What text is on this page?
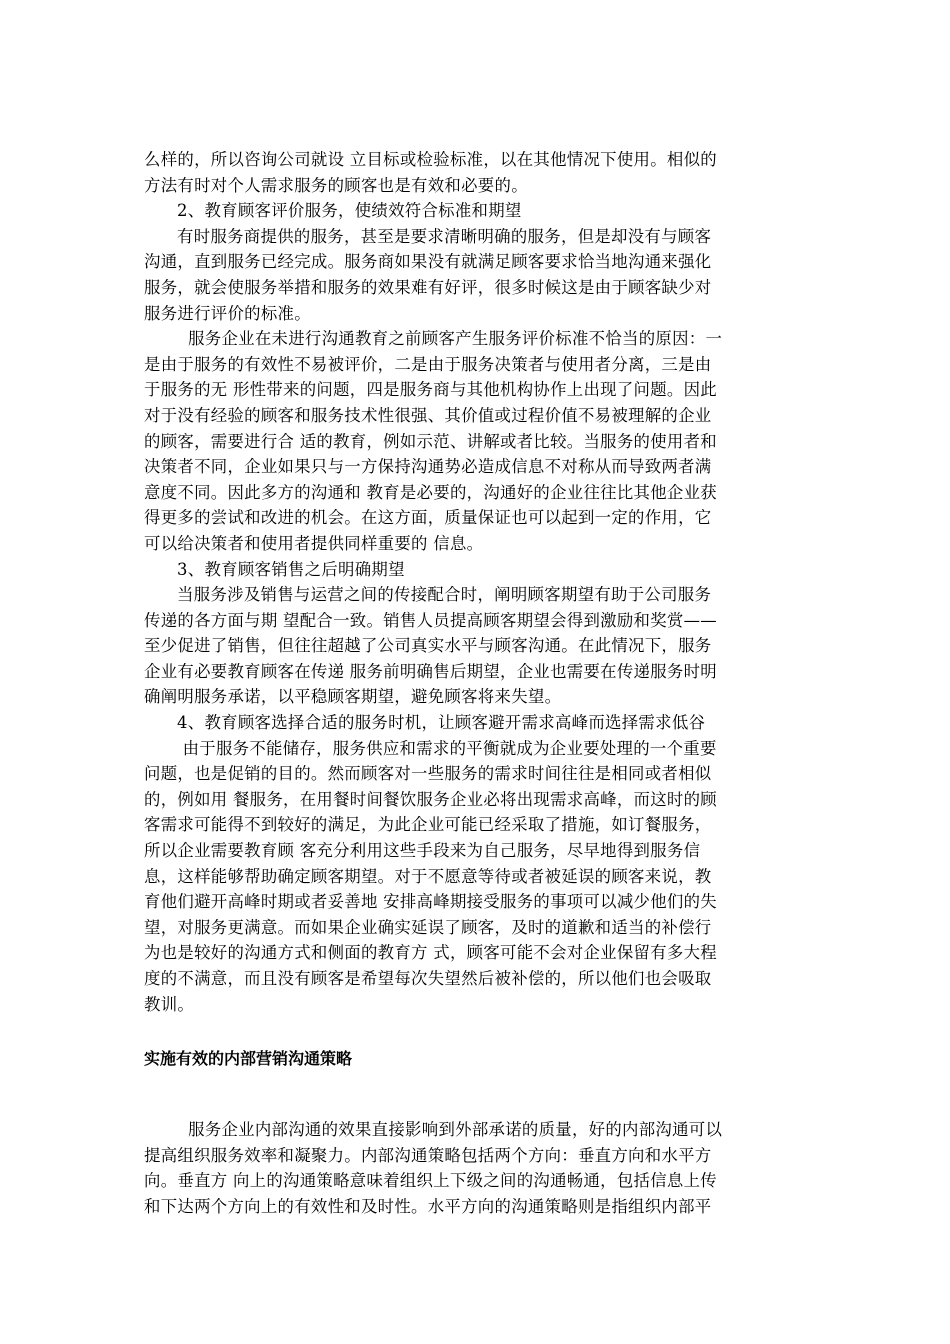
么样的，所以咨询公司就设 立目标或检验标准，以在其他情况下使用。相似的
方法有时对个人需求服务的顾客也是有效和必要的。
2、教育顾客评价服务，使绩效符合标准和期望
有时服务商提供的服务，甚至是要求清晰明确的服务，但是却没有与顾客
沟通，直到服务已经完成。服务商如果没有就满足顾客要求恰当地沟通来强化
服务，就会使服务举措和服务的效果难有好评，很多时候这是由于顾客缺少对
服务进行评价的标准。
服务企业在未进行沟通教育之前顾客产生服务评价标准不恰当的原因：一
是由于服务的有效性不易被评价，二是由于服务决策者与使用者分离，三是由
于服务的无 形性带来的问题，四是服务商与其他机构协作上出现了问题。因此
对于没有经验的顾客和服务技术性很强、其价值或过程价值不易被理解的企业
的顾客，需要进行合 适的教育，例如示范、讲解或者比较。当服务的使用者和
决策者不同，企业如果只与一方保持沟通势必造成信息不对称从而导致两者满
意度不同。因此多方的沟通和 教育是必要的，沟通好的企业往往比其他企业获
得更多的尝试和改进的机会。在这方面，质量保证也可以起到一定的作用，它
可以给决策者和使用者提供同样重要的 信息。
3、教育顾客销售之后明确期望
当服务涉及销售与运营之间的传接配合时，阐明顾客期望有助于公司服务
传递的各方面与期 望配合一致。销售人员提高顾客期望会得到激励和奖赏——
至少促进了销售，但往往超越了公司真实水平与顾客沟通。在此情况下，服务
企业有必要教育顾客在传递 服务前明确售后期望，企业也需要在传递服务时明
确阐明服务承诺，以平稳顾客期望，避免顾客将来失望。
4、教育顾客选择合适的服务时机，让顾客避开需求高峰而选择需求低谷
由于服务不能储存，服务供应和需求的平衡就成为企业要处理的一个重要
问题，也是促销的目的。然而顾客对一些服务的需求时间往往是相同或者相似
的，例如用 餐服务，在用餐时间餐饮服务企业必将出现需求高峰，而这时的顾
客需求可能得不到较好的满足，为此企业可能已经采取了措施，如订餐服务，
所以企业需要教育顾 客充分利用这些手段来为自己服务，尽早地得到服务信
息，这样能够帮助确定顾客期望。对于不愿意等待或者被延误的顾客来说，教
育他们避开高峰时期或者妥善地 安排高峰期接受服务的事项可以减少他们的失
望，对服务更满意。而如果企业确实延误了顾客，及时的道歉和适当的补偿行
为也是较好的沟通方式和侧面的教育方 式，顾客可能不会对企业保留有多大程
度的不满意，而且没有顾客是希望每次失望然后被补偿的，所以他们也会吸取
教训。

实施有效的内部营销沟通策略

服务企业内部沟通的效果直接影响到外部承诺的质量，好的内部沟通可以
提高组织服务效率和凝聚力。内部沟通策略包括两个方向：垂直方向和水平方
向。垂直方 向上的沟通策略意味着组织上下级之间的沟通畅通，包括信息上传
和下达两个方向上的有效性和及时性。水平方向的沟通策略则是指组织内部平
